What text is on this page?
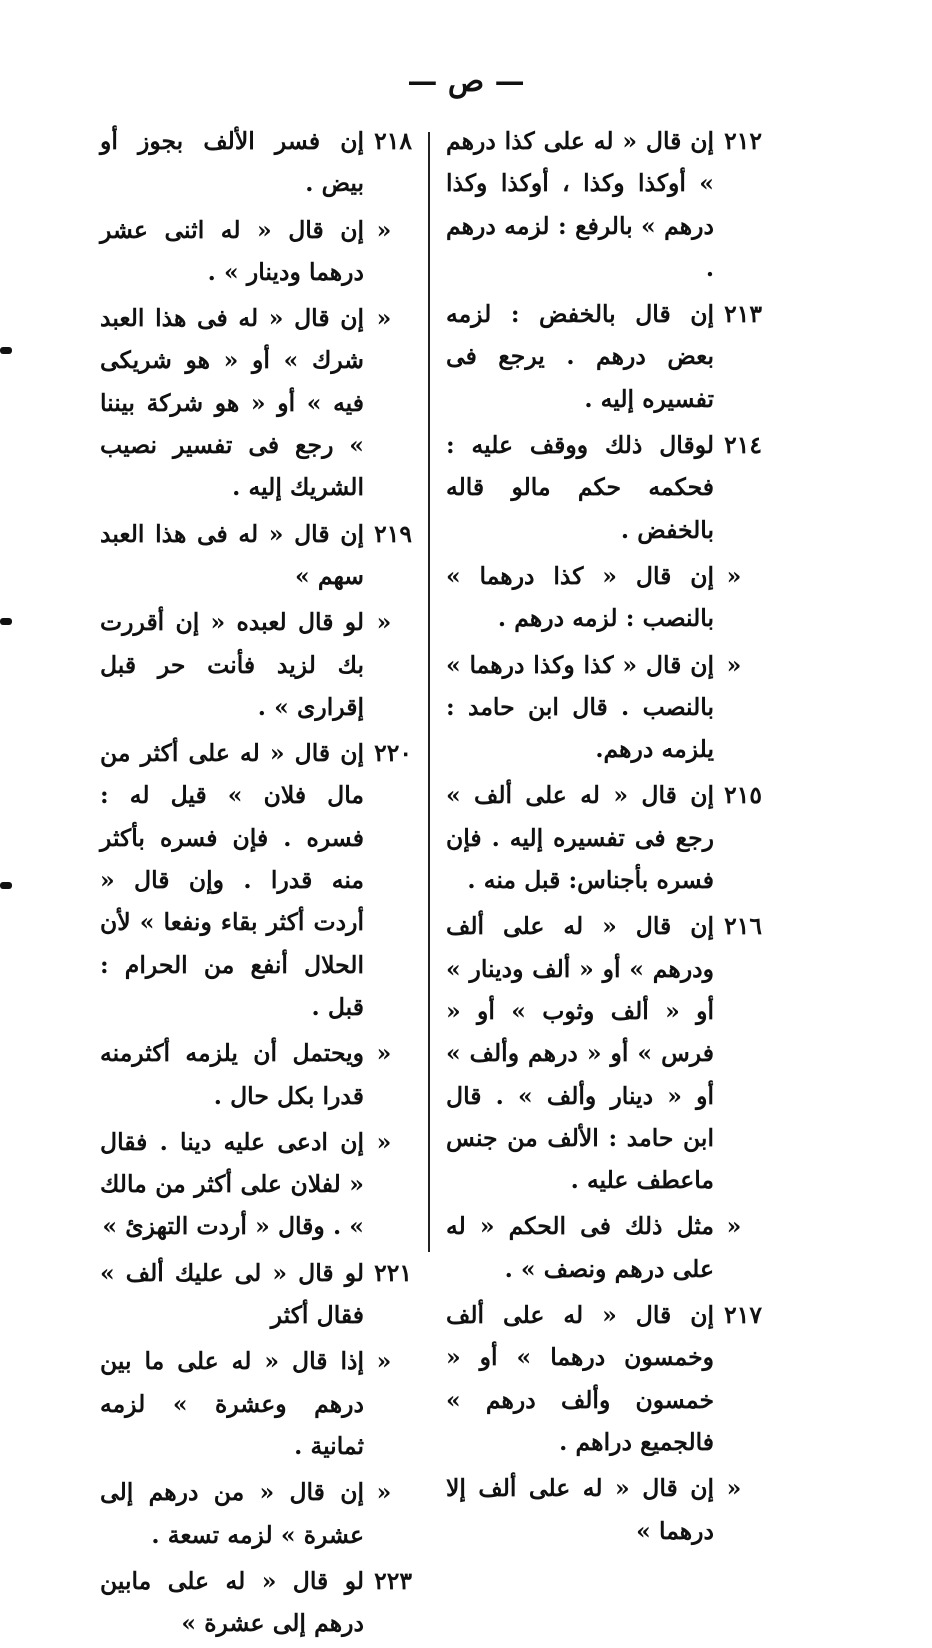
— ص —
٢١٢إن قال « له على كذا درهم » أوكذا وكذا ، أوكذا وكذا درهم » بالرفع : لزمه درهم .
٢١٣إن قال بالخفض : لزمه بعض درهم . يرجع فى تفسيره إليه .
٢١٤لوقال ذلك ووقف عليه : فحكمه حكم مالو قاله بالخفض .
«إن قال « كذا درهما » بالنصب : لزمه درهم .
«إن قال « كذا وكذا درهما » بالنصب . قال ابن حامد : يلزمه درهم.
٢١٥إن قال « له على ألف » رجع فى تفسيره إليه . فإن فسره بأجناس: قبل منه .
٢١٦إن قال « له على ألف ودرهم » أو « ألف ودينار » أو « ألف وثوب » أو « فرس » أو « درهم وألف » أو « دينار وألف » . قال ابن حامد : الألف من جنس ماعطف عليه .
«مثل ذلك فى الحكم « له على درهم ونصف » .
٢١٧إن قال « له على ألف وخمسون درهما » أو « خمسون وألف درهم » فالجميع دراهم .
«إن قال « له على ألف إلا درهما »
٢١٨إن فسر الألف بجوز أو بيض .
«إن قال « له اثنى عشر درهما ودينار » .
«إن قال « له فى هذا العبد شرك » أو « هو شريكى فيه » أو « هو شركة بيننا » رجع فى تفسير نصيب الشريك إليه .
٢١٩إن قال « له فى هذا العبد سهم »
«لو قال لعبده « إن أقررت بك لزيد فأنت حر قبل إقرارى » .
٢٢٠إن قال « له على أكثر من مال فلان » قيل له : فسره . فإن فسره بأكثر منه قدرا . وإن قال « أردت أكثر بقاء ونفعا » لأن الحلال أنفع من الحرام : قبل .
«ويحتمل أن يلزمه أكثرمنه قدرا بكل حال .
«إن ادعى عليه دينا . فقال « لفلان على أكثر من مالك » . وقال « أردت التهزئ »
٢٢١لو قال « لى عليك ألف » فقال أكثر
«إذا قال « له على ما بين درهم وعشرة » لزمه ثمانية .
«إن قال « من درهم إلى عشرة » لزمه تسعة .
٢٢٣لو قال « له على مابين درهم إلى عشرة »
